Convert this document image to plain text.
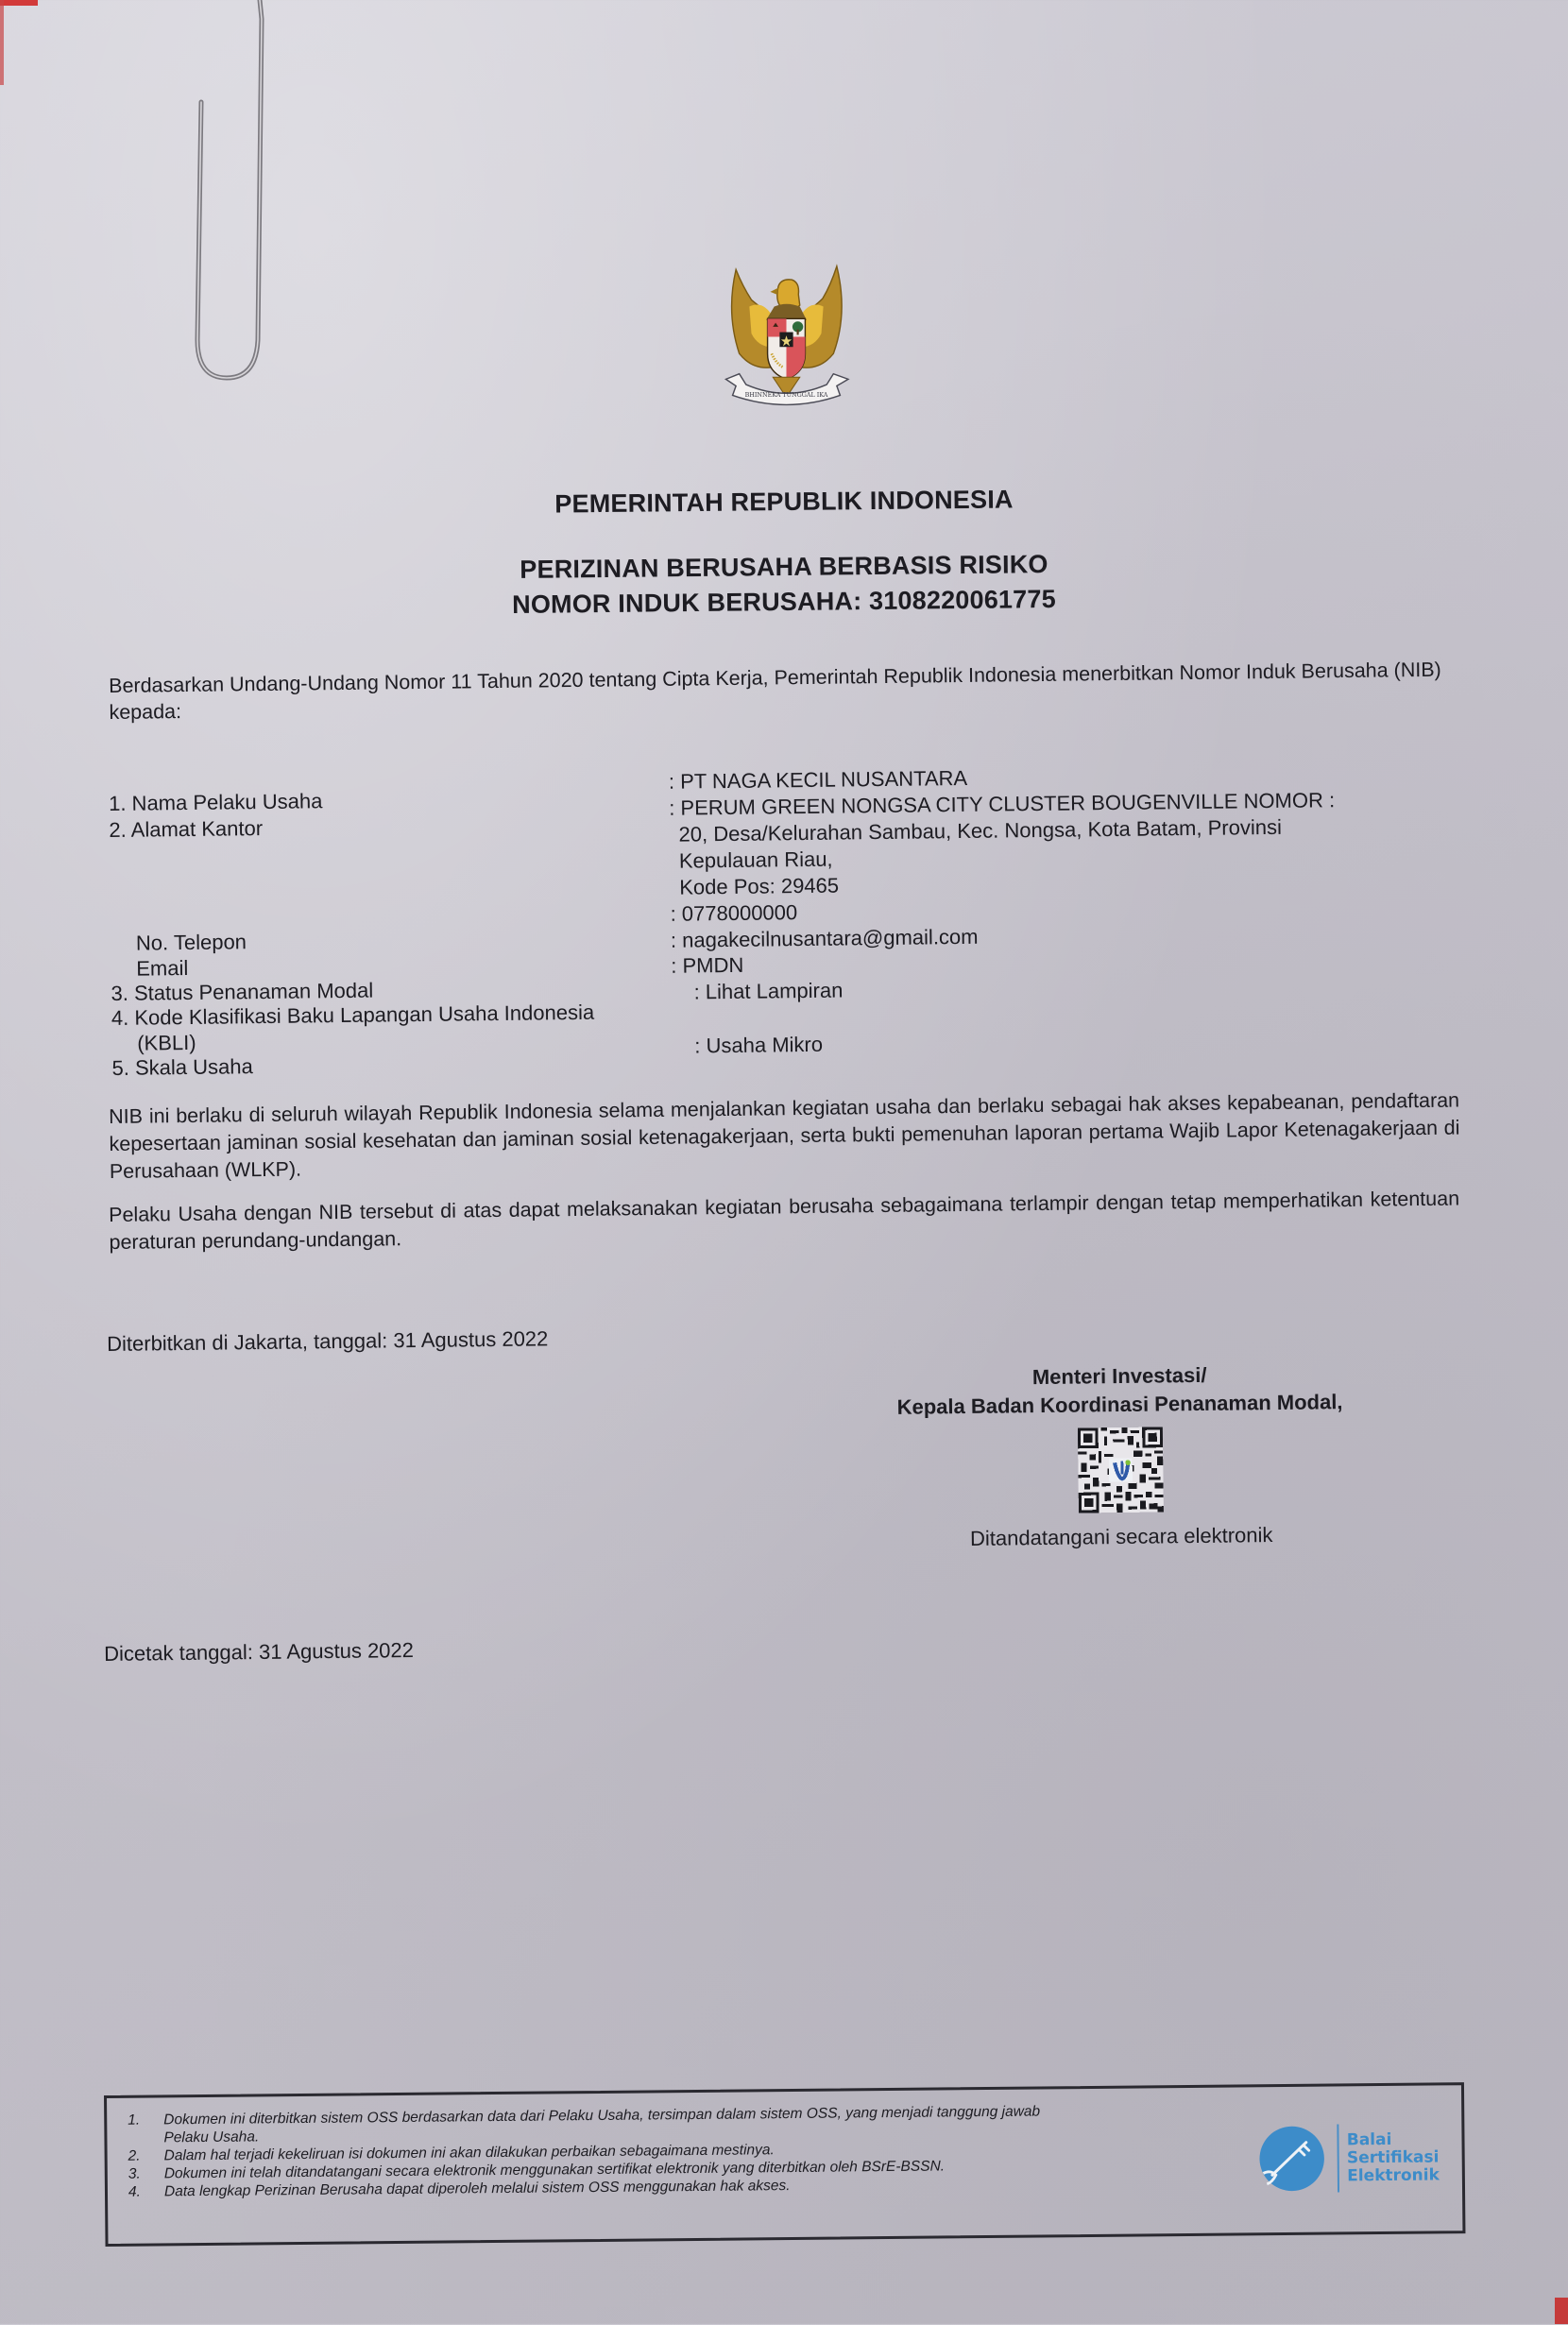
BHINNEKA TUNGGAL IKA
PEMERINTAH REPUBLIK INDONESIA
PERIZINAN BERUSAHA BERBASIS RISIKO
NOMOR INDUK BERUSAHA: 3108220061775
Berdasarkan Undang-Undang Nomor 11 Tahun 2020 tentang Cipta Kerja, Pemerintah Republik Indonesia menerbitkan Nomor Induk Berusaha (NIB) kepada:
1. Nama Pelaku Usaha
: PT NAGA KECIL NUSANTARA
2. Alamat Kantor
: PERUM GREEN NONGSA CITY CLUSTER BOUGENVILLE NOMOR :
20, Desa/Kelurahan Sambau, Kec. Nongsa, Kota Batam, Provinsi
Kepulauan Riau,
Kode Pos: 29465
No. Telepon
: 0778000000
Email
: nagakecilnusantara@gmail.com
3. Status Penanaman Modal
: PMDN
4. Kode Klasifikasi Baku Lapangan Usaha Indonesia
(KBLI)
: Lihat Lampiran
5. Skala Usaha
: Usaha Mikro
NIB ini berlaku di seluruh wilayah Republik Indonesia selama menjalankan kegiatan usaha dan berlaku sebagai hak akses kepabeanan, pendaftaran kepesertaan jaminan sosial kesehatan dan jaminan sosial ketenagakerjaan, serta bukti pemenuhan laporan pertama Wajib Lapor Ketenagakerjaan di Perusahaan (WLKP).
Pelaku Usaha dengan NIB tersebut di atas dapat melaksanakan kegiatan berusaha sebagaimana terlampir dengan tetap memperhatikan ketentuan peraturan perundang-undangan.
Diterbitkan di Jakarta, tanggal: 31 Agustus 2022
Menteri Investasi/
Kepala Badan Koordinasi Penanaman Modal,
Ditandatangani secara elektronik
Dicetak tanggal: 31 Agustus 2022
1.	Dokumen ini diterbitkan sistem OSS berdasarkan data dari Pelaku Usaha, tersimpan dalam sistem OSS, yang menjadi tanggung jawab
Pelaku Usaha.
2.	Dalam hal terjadi kekeliruan isi dokumen ini akan dilakukan perbaikan sebagaimana mestinya.
3.	Dokumen ini telah ditandatangani secara elektronik menggunakan sertifikat elektronik yang diterbitkan oleh BSrE-BSSN.
4.	Data lengkap Perizinan Berusaha dapat diperoleh melalui sistem OSS menggunakan hak akses.
Balai
Sertifikasi
Elektronik
